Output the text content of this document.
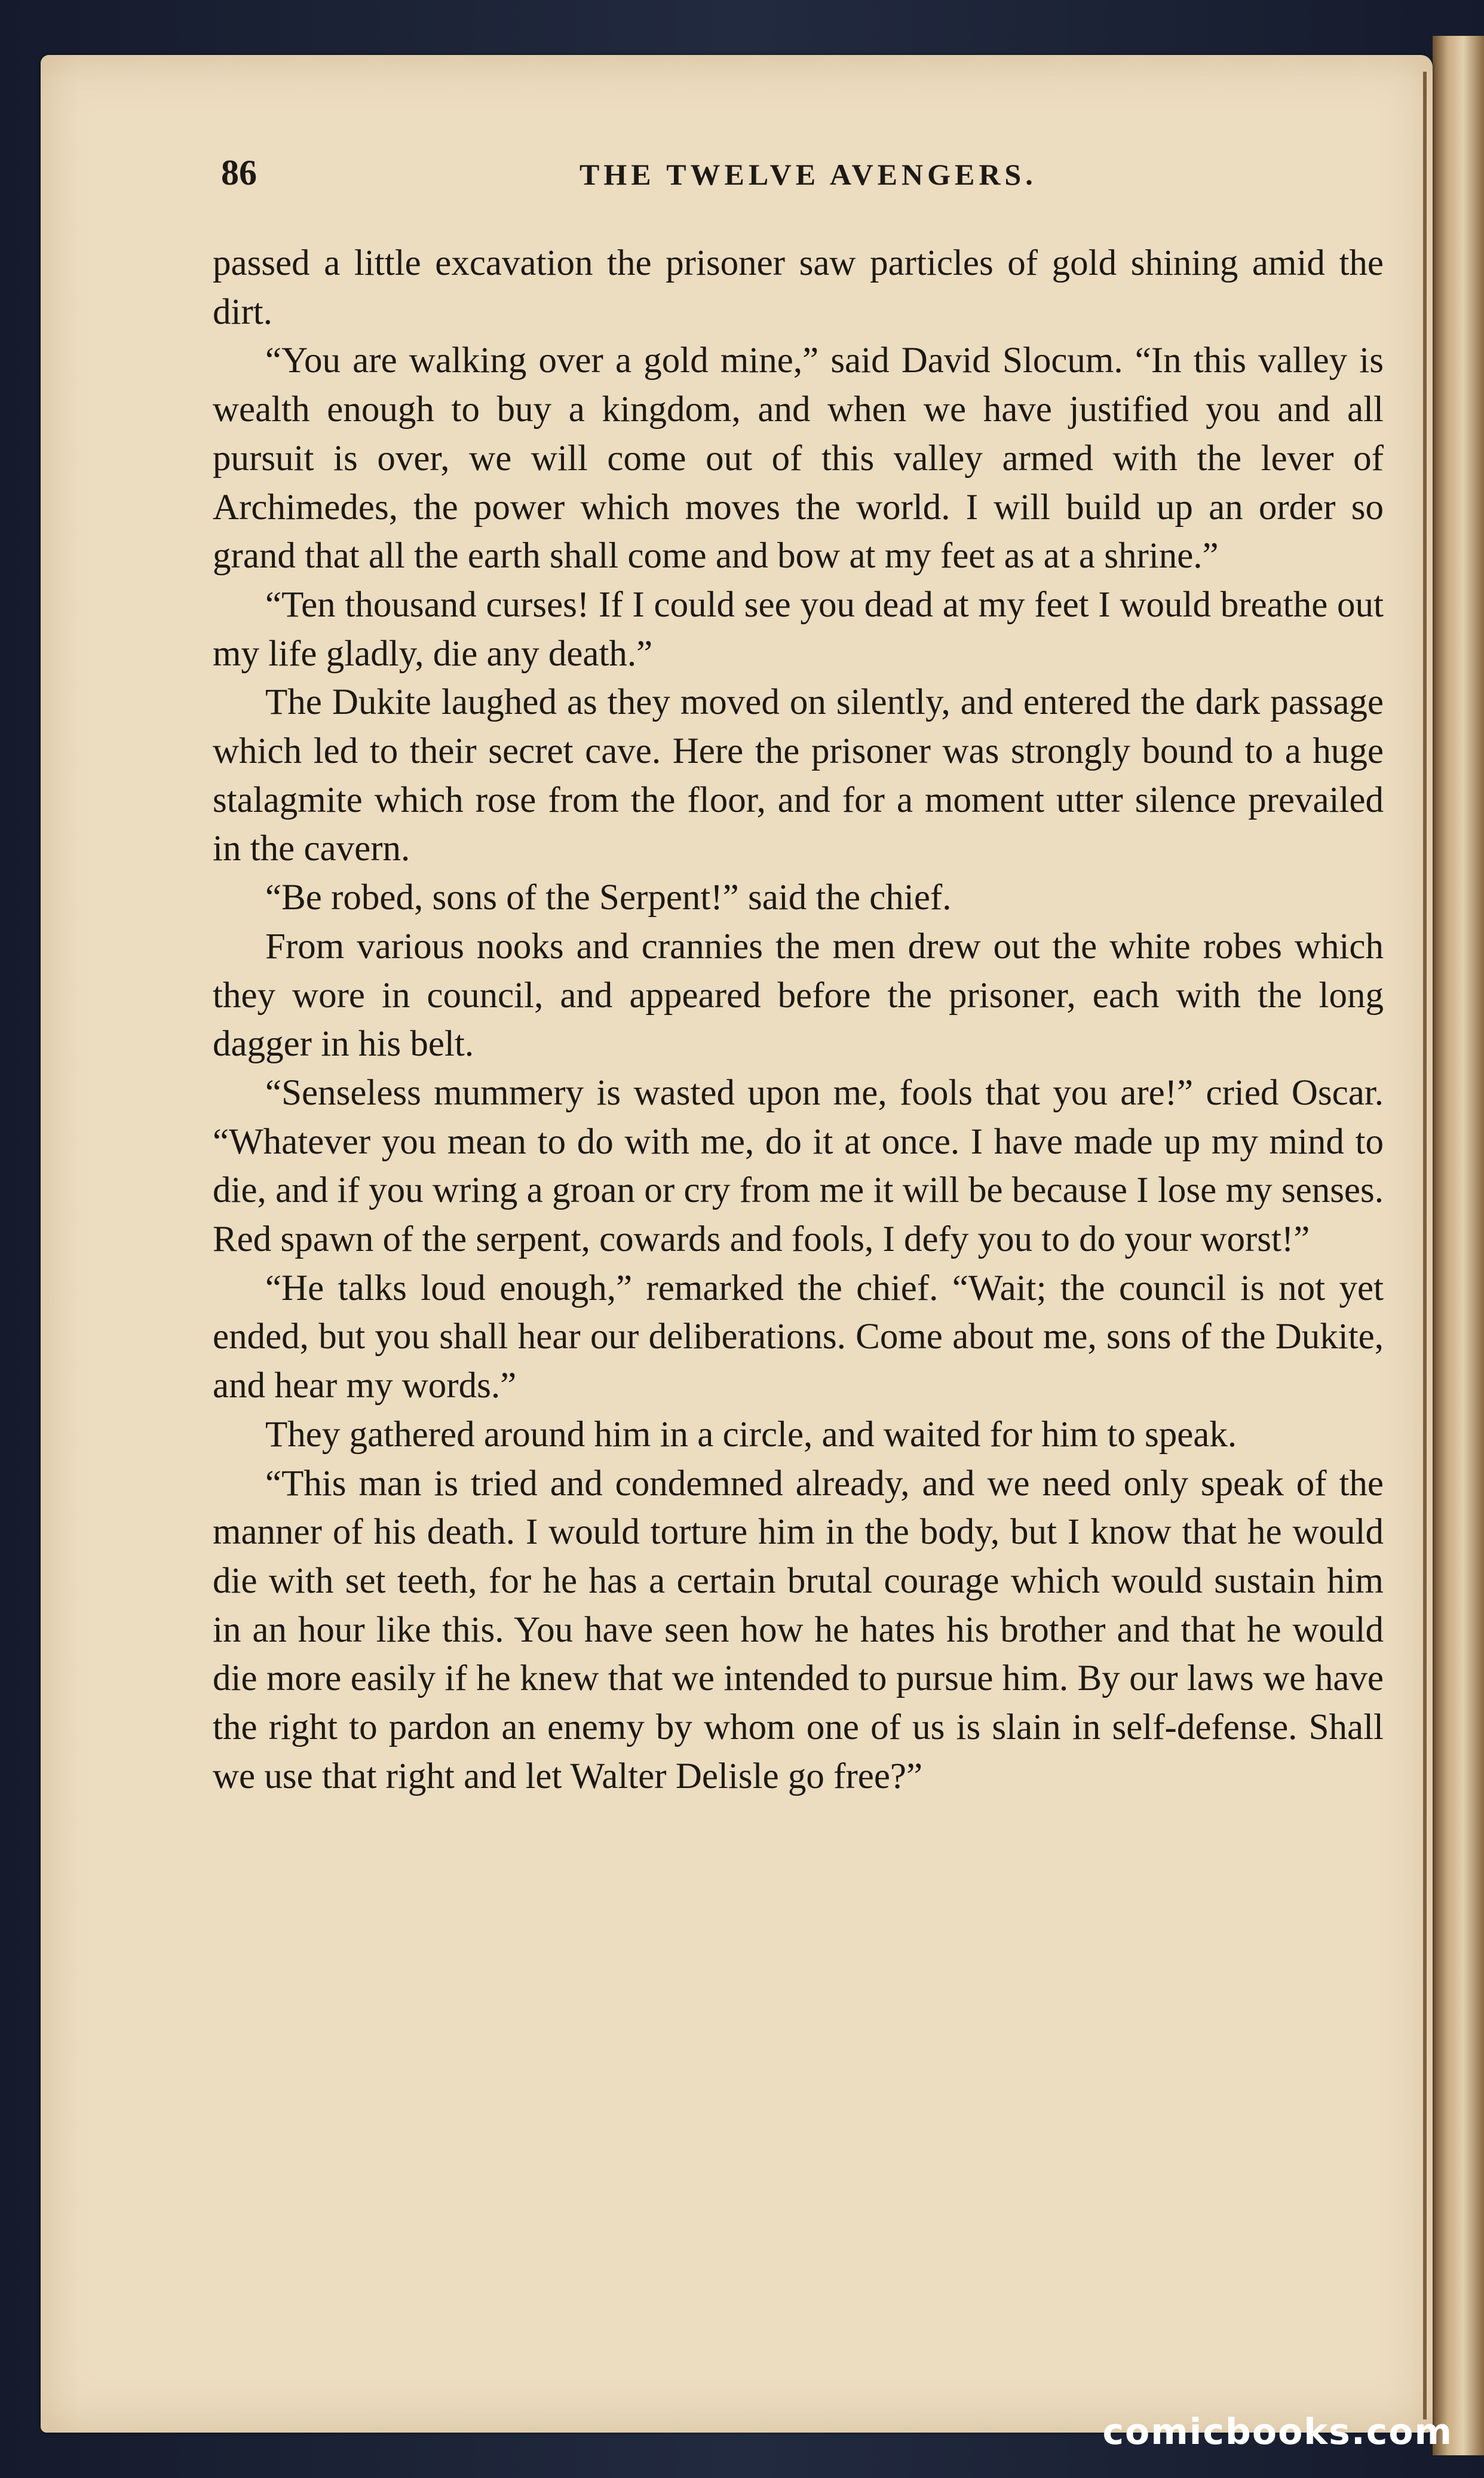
86	THE TWELVE AVENGERS.

passed a little excavation the prisoner saw particles of gold shining amid the dirt.

“You are walking over a gold mine,” said David Slocum. “In this valley is wealth enough to buy a kingdom, and when we have justified you and all pursuit is over, we will come out of this valley armed with the lever of Archimedes, the power which moves the world. I will build up an order so grand that all the earth shall come and bow at my feet as at a shrine.”

“Ten thousand curses! If I could see you dead at my feet I would breathe out my life gladly, die any death.”

The Dukite laughed as they moved on silently, and entered the dark passage which led to their secret cave. Here the prisoner was strongly bound to a huge stalagmite which rose from the floor, and for a moment utter silence prevailed in the cavern.

“Be robed, sons of the Serpent!” said the chief.

From various nooks and crannies the men drew out the white robes which they wore in council, and appeared before the prisoner, each with the long dagger in his belt.

“Senseless mummery is wasted upon me, fools that you are!” cried Oscar. “Whatever you mean to do with me, do it at once. I have made up my mind to die, and if you wring a groan or cry from me it will be because I lose my senses. Red spawn of the serpent, cowards and fools, I defy you to do your worst!”

“He talks loud enough,” remarked the chief. “Wait; the council is not yet ended, but you shall hear our deliberations. Come about me, sons of the Dukite, and hear my words.”

They gathered around him in a circle, and waited for him to speak.

“This man is tried and condemned already, and we need only speak of the manner of his death. I would torture him in the body, but I know that he would die with set teeth, for he has a certain brutal courage which would sustain him in an hour like this. You have seen how he hates his brother and that he would die more easily if he knew that we intended to pursue him. By our laws we have the right to pardon an enemy by whom one of us is slain in self-defense. Shall we use that right and let Walter Delisle go free?”

comicbooks.com
